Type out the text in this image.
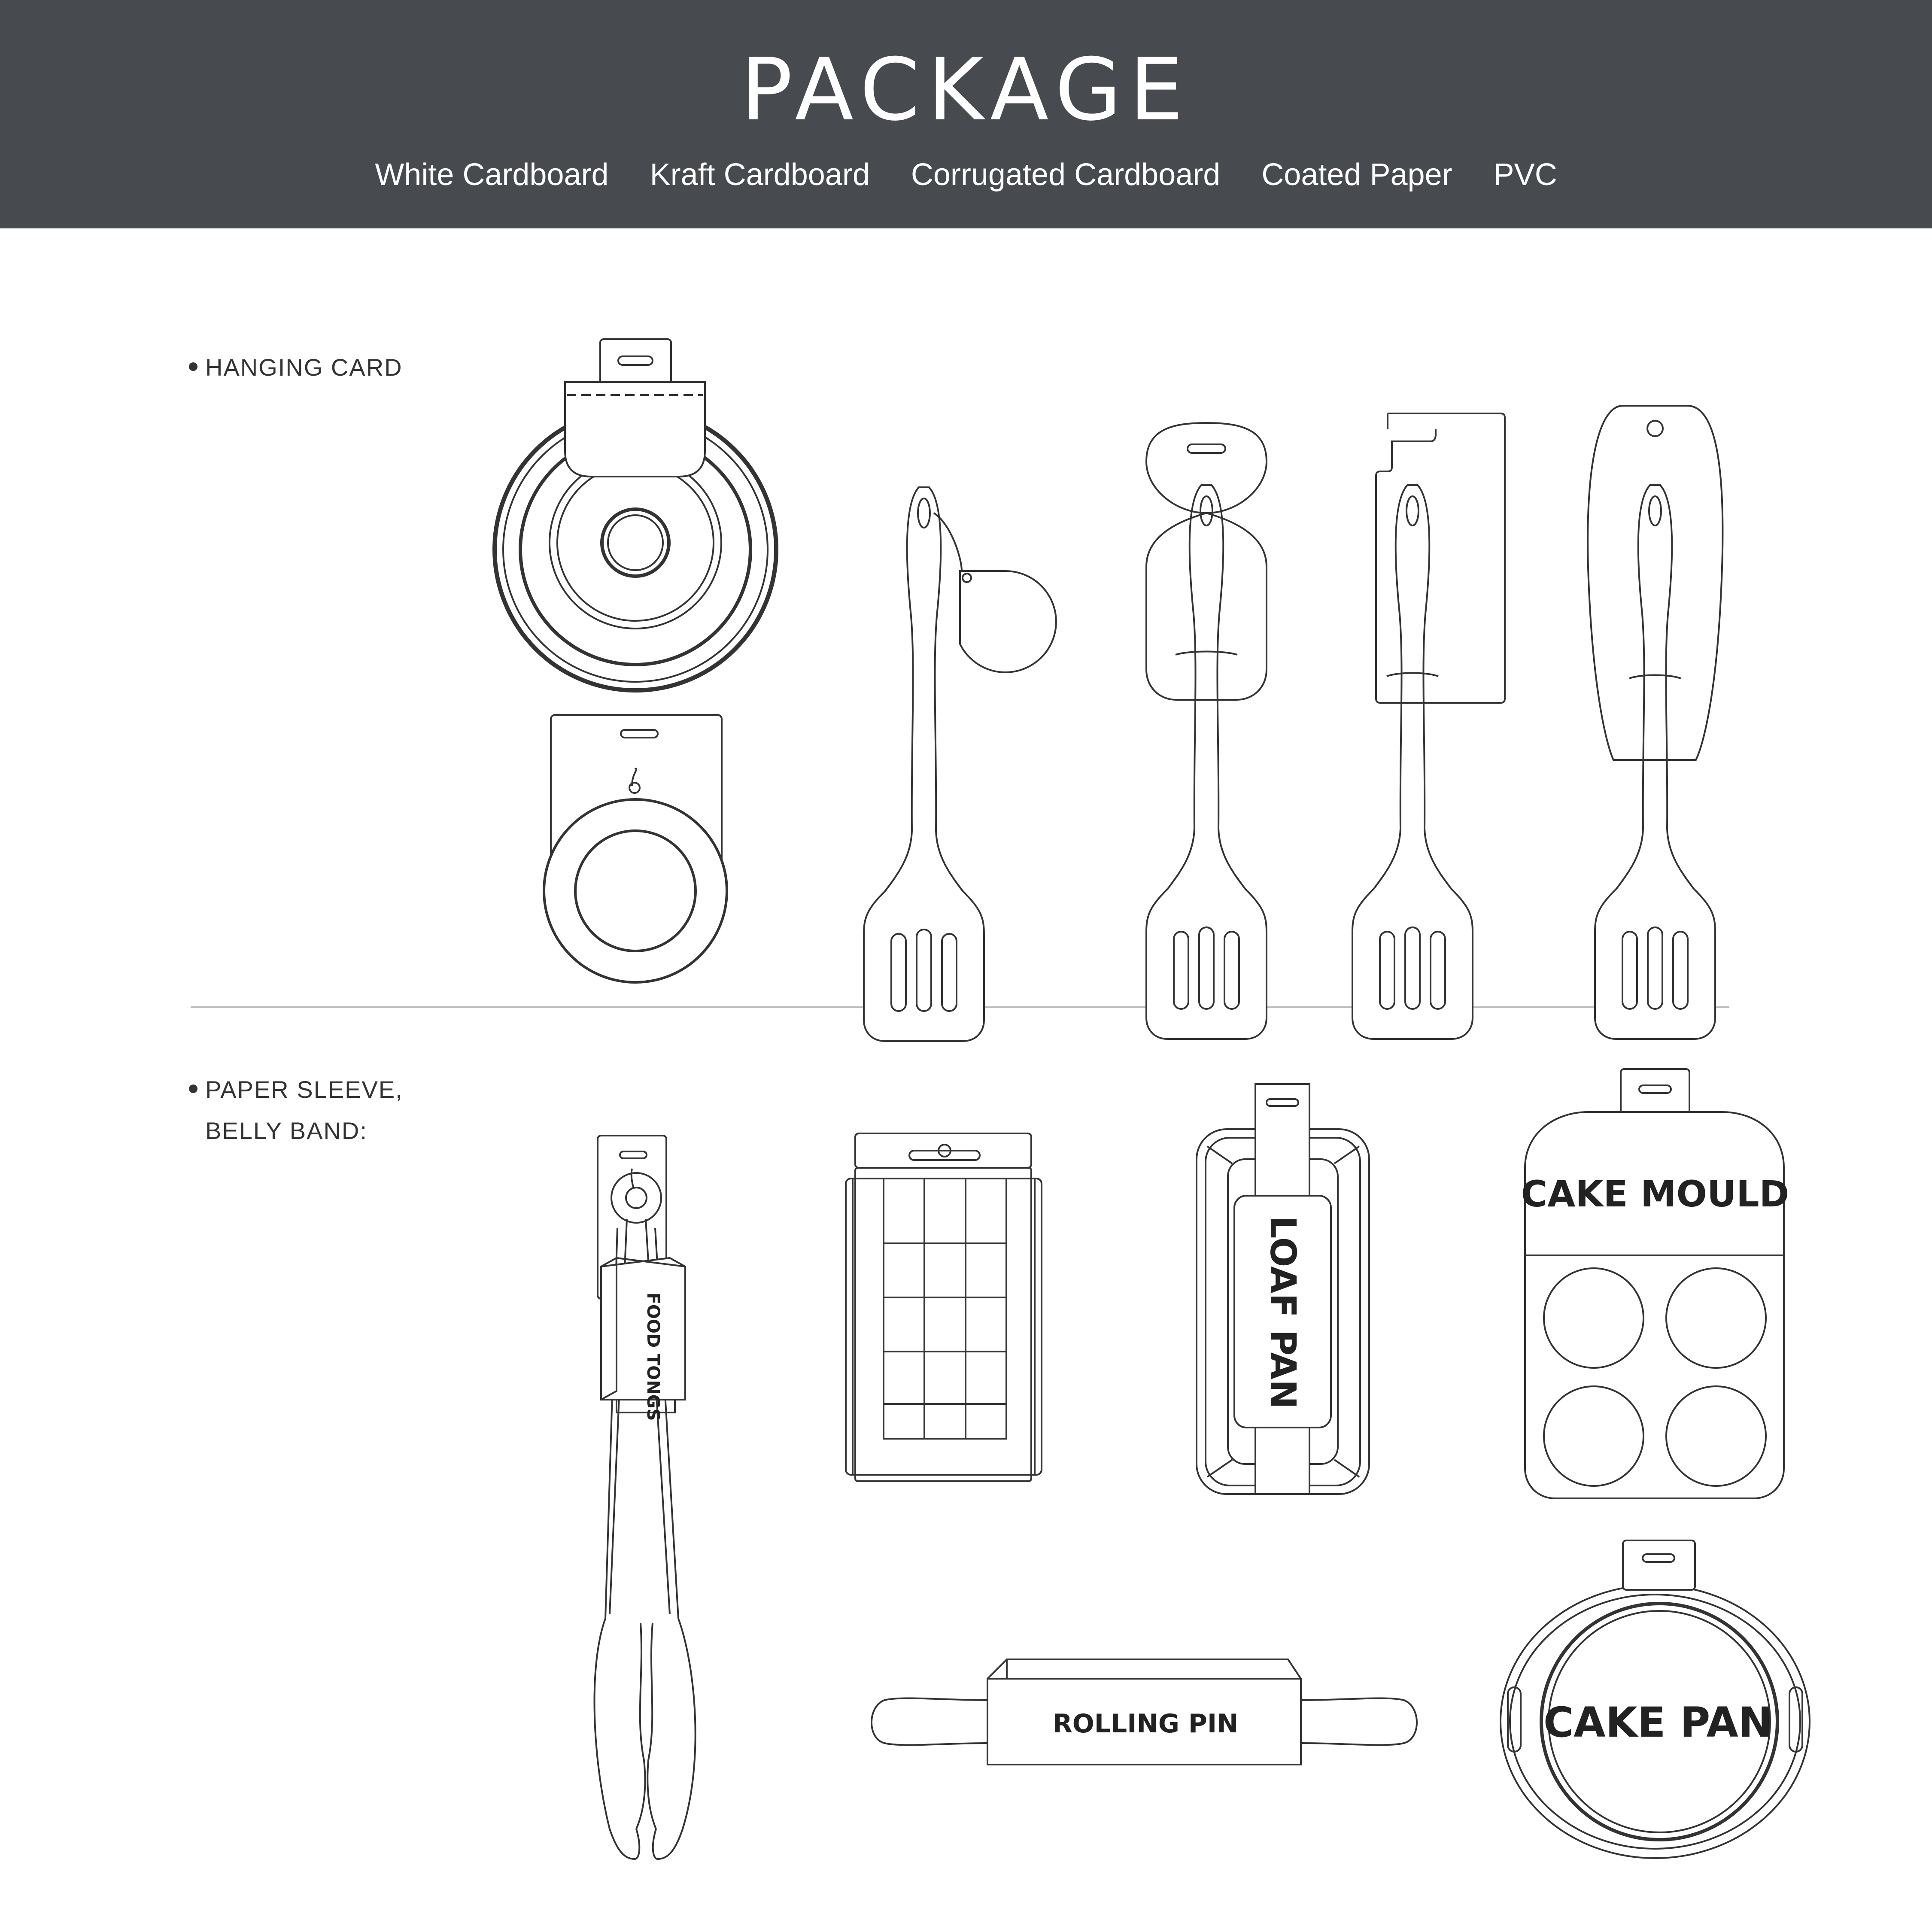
PACKAGE
White Cardboard Kraft Cardboard Corrugated Cardboard Coated Paper PVC
HANGING CARD
PAPER SLEEVE,
BELLY BAND:
FOOD TONGS	LOAF PAN
CAKE MOULD
ROLLING PIN	CAKE PAN
